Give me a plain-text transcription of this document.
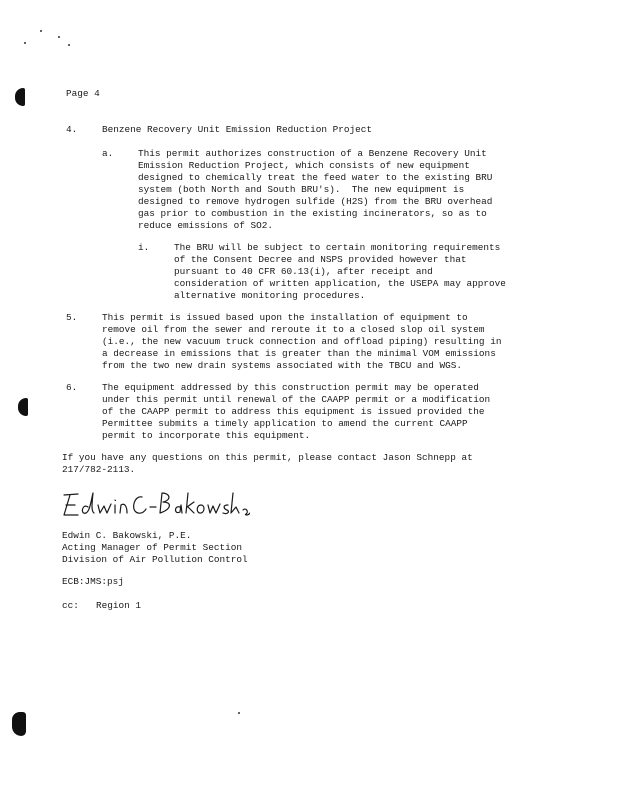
Page 4
4.	Benzene Recovery Unit Emission Reduction Project
a.	This permit authorizes construction of a Benzene Recovery Unit
Emission Reduction Project, which consists of new equipment
designed to chemically treat the feed water to the existing BRU
system (both North and South BRU's).  The new equipment is
designed to remove hydrogen sulfide (H2S) from the BRU overhead
gas prior to combustion in the existing incinerators, so as to
reduce emissions of SO2.
i.	The BRU will be subject to certain monitoring requirements
of the Consent Decree and NSPS provided however that
pursuant to 40 CFR 60.13(i), after receipt and
consideration of written application, the USEPA may approve
alternative monitoring procedures.
5.	This permit is issued based upon the installation of equipment to
remove oil from the sewer and reroute it to a closed slop oil system
(i.e., the new vacuum truck connection and offload piping) resulting in
a decrease in emissions that is greater than the minimal VOM emissions
from the two new drain systems associated with the TBCU and WGS.
6.	The equipment addressed by this construction permit may be operated
under this permit until renewal of the CAAPP permit or a modification
of the CAAPP permit to address this equipment is issued provided the
Permittee submits a timely application to amend the current CAAPP
permit to incorporate this equipment.
If you have any questions on this permit, please contact Jason Schnepp at
217/782-2113.
Edwin C. Bakowski, P.E.
Acting Manager of Permit Section
Division of Air Pollution Control
ECB:JMS:psj
cc: Region 1
